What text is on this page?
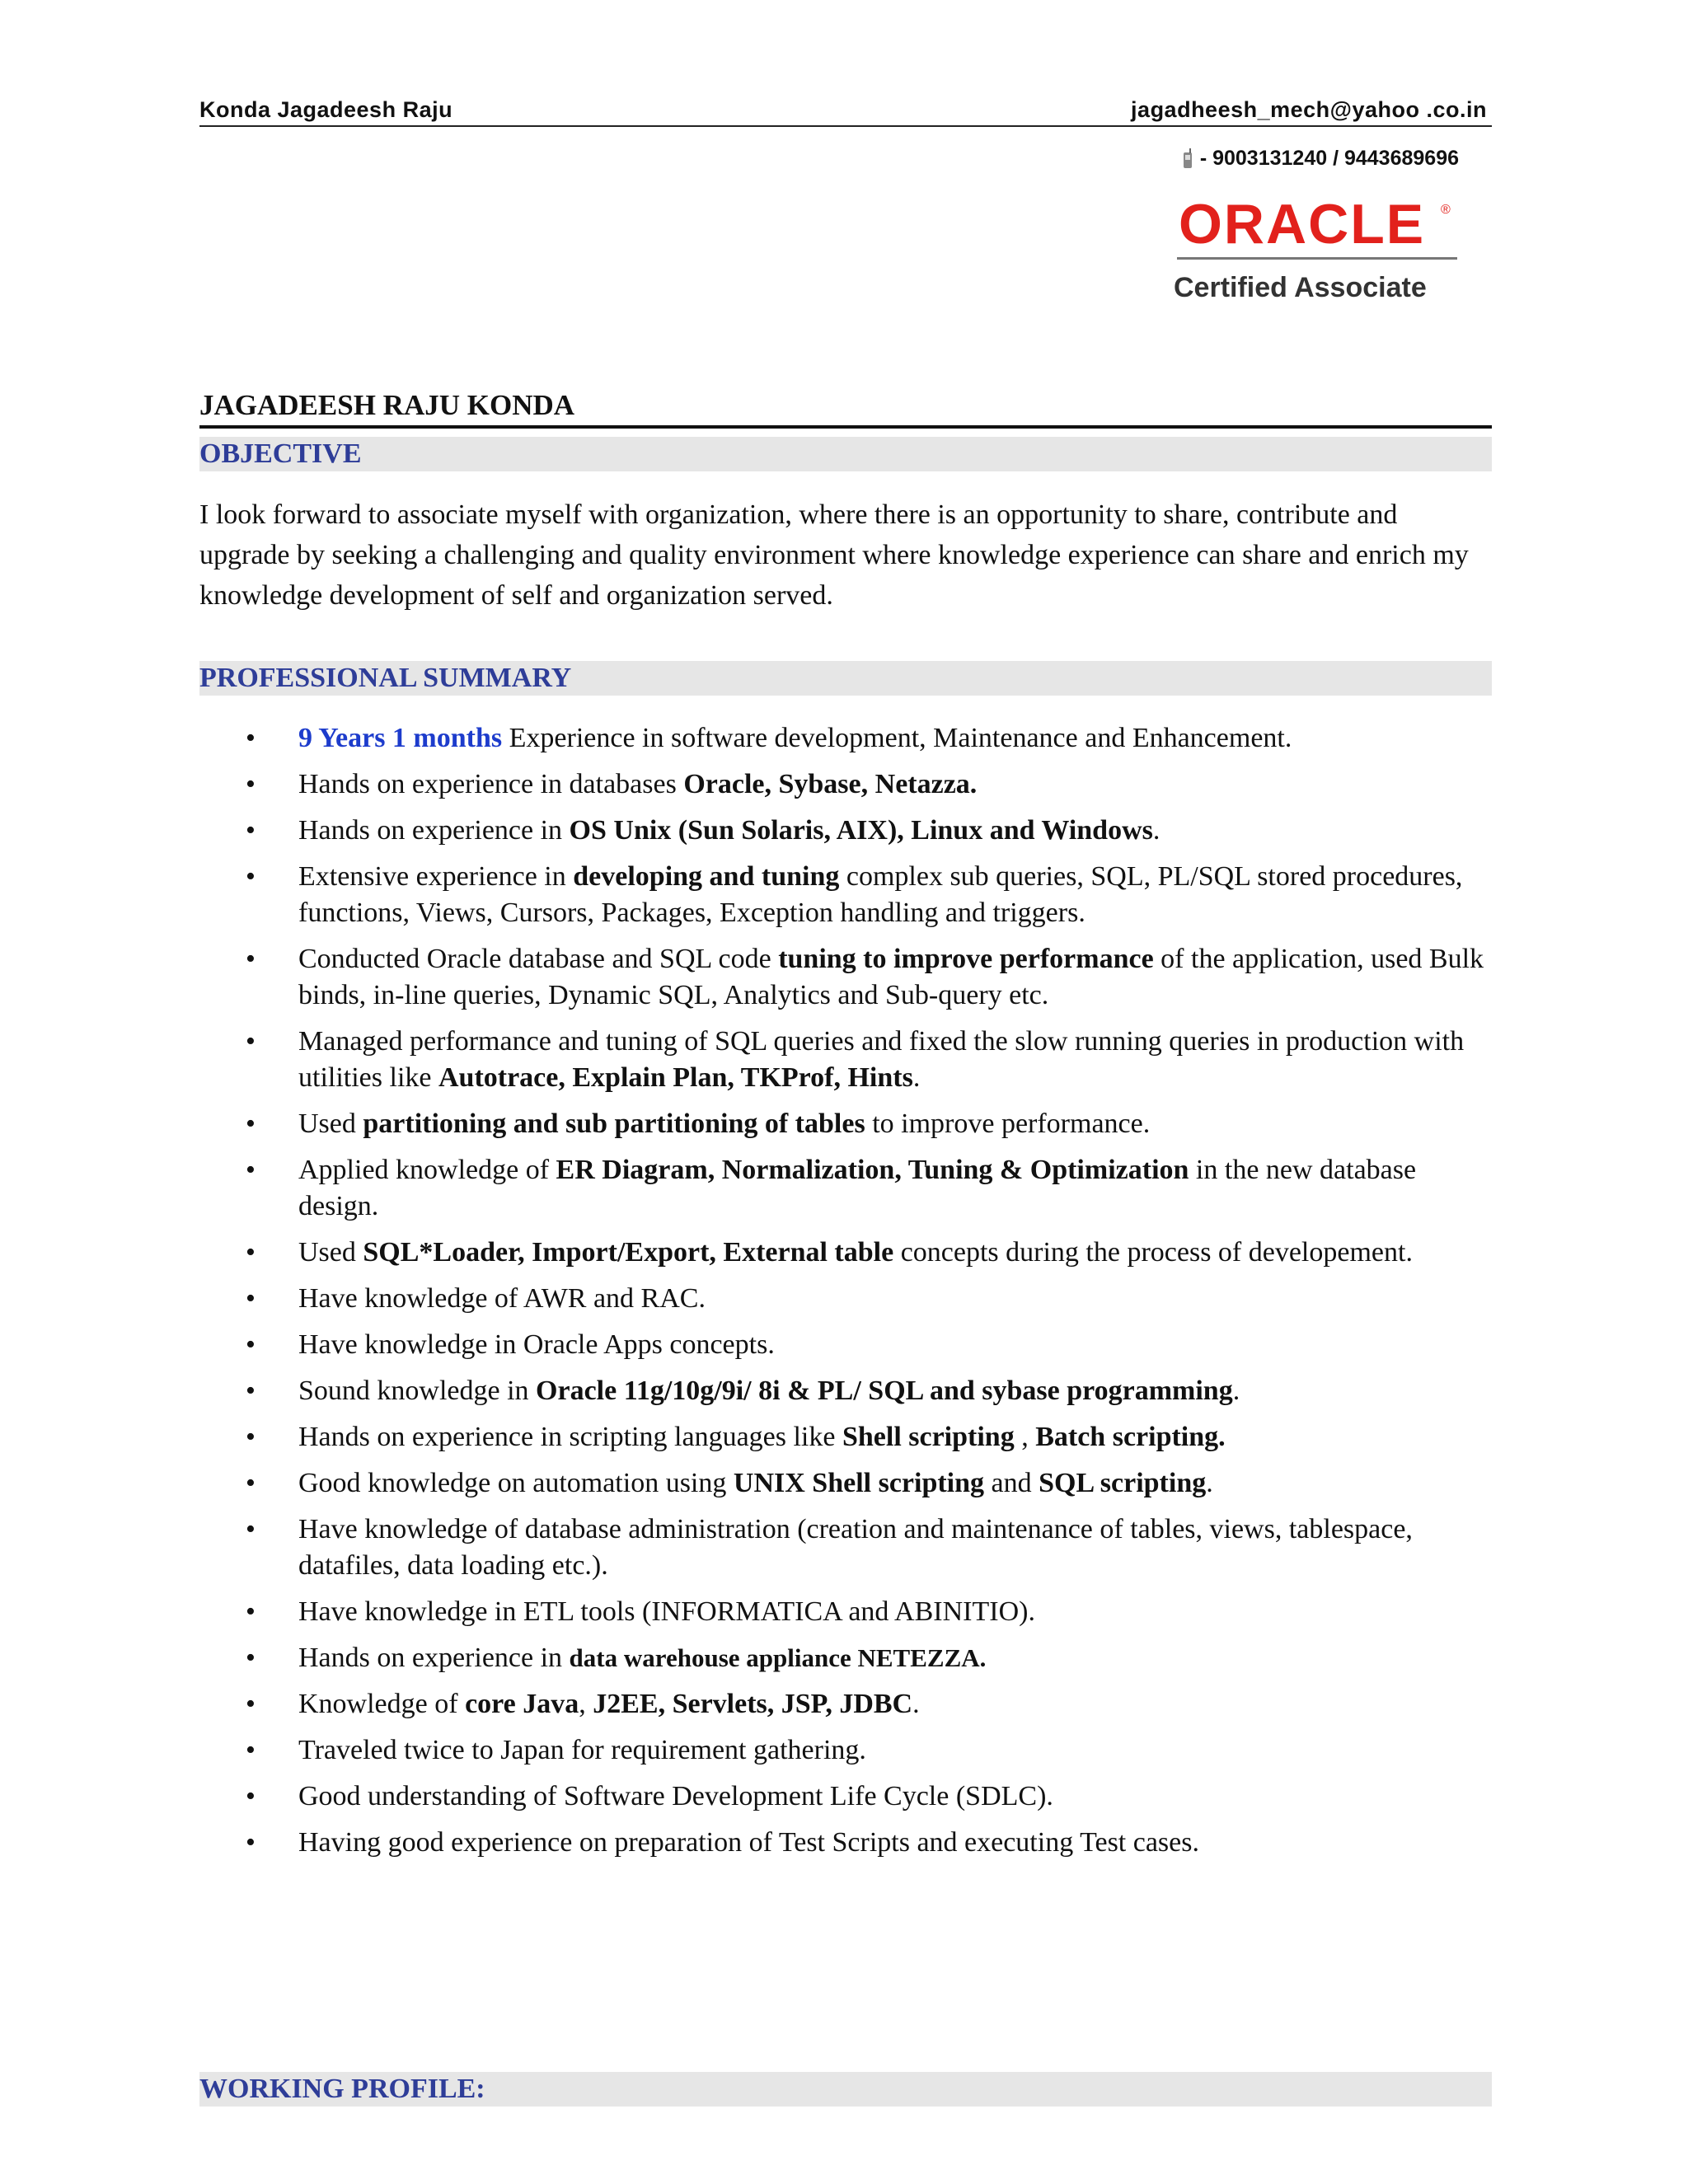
Konda Jagadeesh Raju	jagadheesh_mech@yahoo .co.in
- 9003131240 / 9443689696
ORACLE ®
Certified Associate
JAGADEESH RAJU KONDA
OBJECTIVE
I look forward to associate myself with organization, where there is an opportunity to share, contribute and upgrade by seeking a challenging and quality environment where knowledge experience can share and enrich my knowledge development of self and organization served.
PROFESSIONAL SUMMARY
• 9 Years 1 months Experience in software development, Maintenance and Enhancement.
• Hands on experience in databases Oracle, Sybase, Netazza.
• Hands on experience in OS Unix (Sun Solaris, AIX), Linux and Windows.
• Extensive experience in developing and tuning complex sub queries, SQL, PL/SQL stored procedures, functions, Views, Cursors, Packages, Exception handling and triggers.
• Conducted Oracle database and SQL code tuning to improve performance of the application, used Bulk binds, in-line queries, Dynamic SQL, Analytics and Sub-query etc.
• Managed performance and tuning of SQL queries and fixed the slow running queries in production with utilities like Autotrace, Explain Plan, TKProf, Hints.
• Used partitioning and sub partitioning of tables to improve performance.
• Applied knowledge of ER Diagram, Normalization, Tuning & Optimization in the new database design.
• Used SQL*Loader, Import/Export, External table concepts during the process of developement.
• Have knowledge of AWR and RAC.
• Have knowledge in Oracle Apps concepts.
• Sound knowledge in Oracle 11g/10g/9i/ 8i & PL/ SQL and sybase programming.
• Hands on experience in scripting languages like Shell scripting , Batch scripting.
• Good knowledge on automation using UNIX Shell scripting and SQL scripting.
• Have knowledge of database administration (creation and maintenance of tables, views, tablespace, datafiles, data loading etc.).
• Have knowledge in ETL tools (INFORMATICA and ABINITIO).
• Hands on experience in data warehouse appliance NETEZZA.
• Knowledge of core Java, J2EE, Servlets, JSP, JDBC.
• Traveled twice to Japan for requirement gathering.
• Good understanding of Software Development Life Cycle (SDLC).
• Having good experience on preparation of Test Scripts and executing Test cases.
WORKING PROFILE:
